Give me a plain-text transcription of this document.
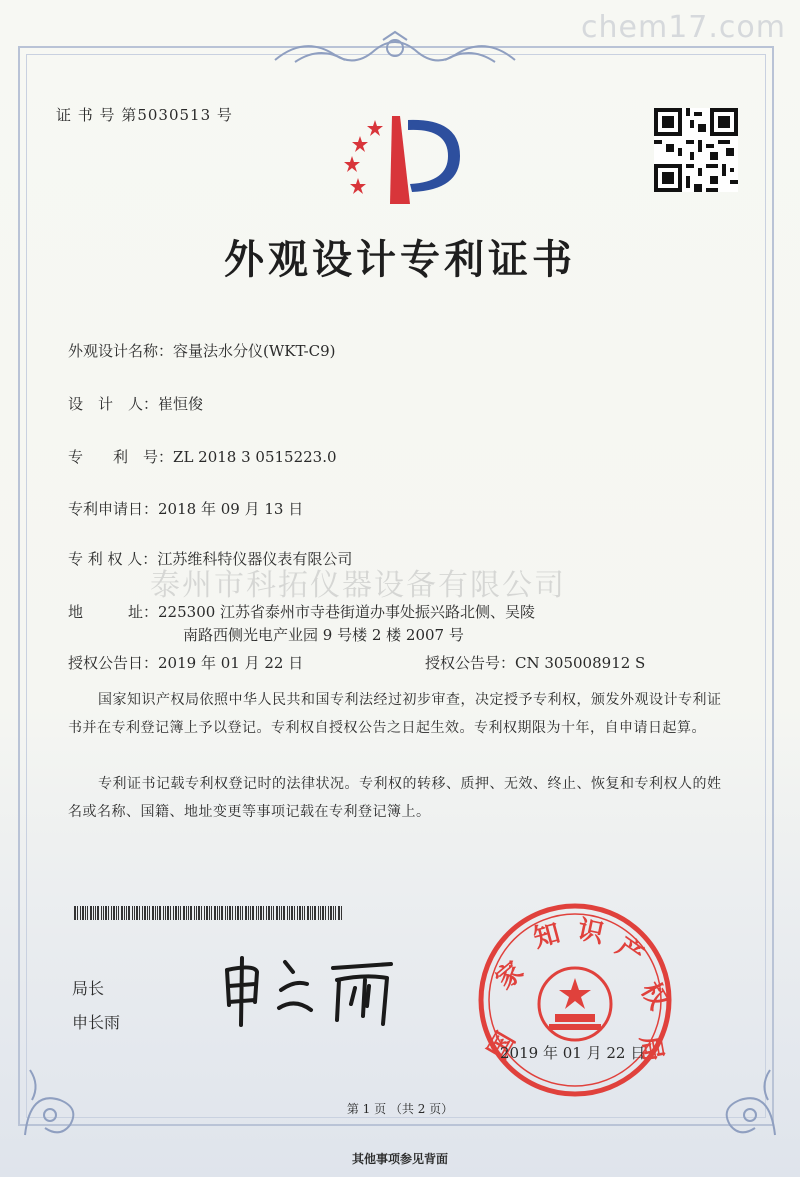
chem17.com
证 书 号 第5030513 号
外观设计专利证书
外观设计名称：容量法水分仪(WKT-C9)
设　计　人：崔恒俊
专　　利　号：ZL 2018 3 0515223.0
专利申请日：2018 年 09 月 13 日
专 利 权 人：江苏维科特仪器仪表有限公司
泰州市科拓仪器设备有限公司
地　　　址：225300 江苏省泰州市寺巷街道办事处振兴路北侧、吴陵
南路西侧光电产业园 9 号楼 2 楼 2007 号
授权公告日：2019 年 01 月 22 日	授权公告号：CN 305008912 S
国家知识产权局依照中华人民共和国专利法经过初步审查，决定授予专利权，颁发外观设计专利证书并在专利登记簿上予以登记。专利权自授权公告之日起生效。专利权期限为十年，自申请日起算。
专利证书记载专利权登记时的法律状况。专利权的转移、质押、无效、终止、恢复和专利权人的姓名或名称、国籍、地址变更等事项记载在专利登记簿上。
局长
申长雨
国
家
知 识 产
权
局
2019 年 01 月 22 日
第 1 页 （共 2 页）
其他事项参见背面
